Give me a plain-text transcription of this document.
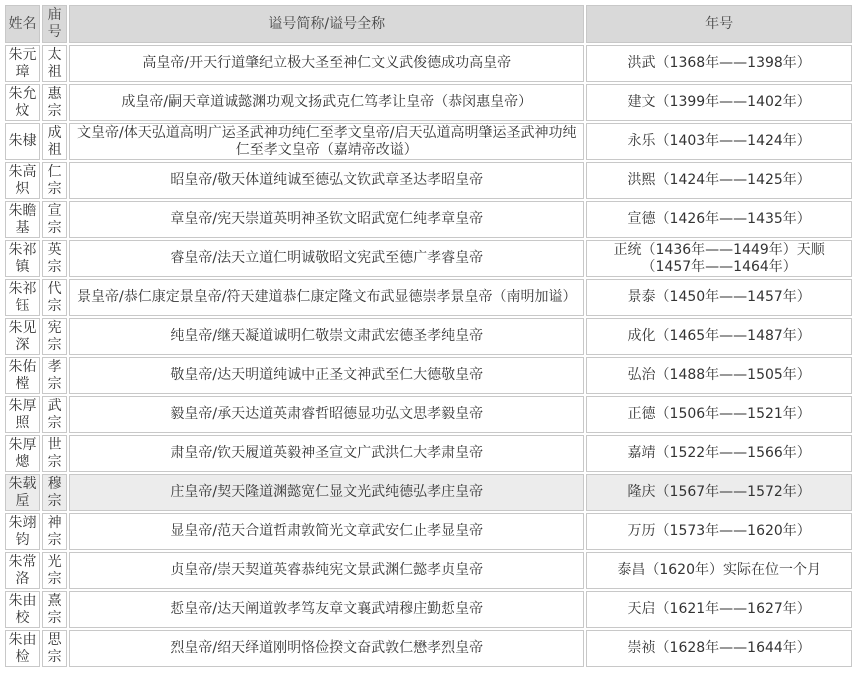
姓名	庙号	谥号简称/谥号全称	年号
朱元璋	太祖	高皇帝/开天行道肇纪立极大圣至神仁文义武俊德成功高皇帝	洪武（1368年——1398年）
朱允炆	惠宗	成皇帝/嗣天章道诚懿渊功观文扬武克仁笃孝让皇帝（恭闵惠皇帝）	建文（1399年——1402年）
朱棣	成祖	文皇帝/体天弘道高明广运圣武神功纯仁至孝文皇帝/启天弘道高明肇运圣武神功纯仁至孝文皇帝（嘉靖帝改谥）	永乐（1403年——1424年）
朱高炽	仁宗	昭皇帝/敬天体道纯诚至德弘文钦武章圣达孝昭皇帝	洪熙（1424年——1425年）
朱瞻基	宣宗	章皇帝/宪天崇道英明神圣钦文昭武宽仁纯孝章皇帝	宣德（1426年——1435年）
朱祁镇	英宗	睿皇帝/法天立道仁明诚敬昭文宪武至德广孝睿皇帝	正统（1436年——1449年）天顺（1457年——1464年）
朱祁钰	代宗	景皇帝/恭仁康定景皇帝/符天建道恭仁康定隆文布武显德崇孝景皇帝（南明加谥）	景泰（1450年——1457年）
朱见深	宪宗	纯皇帝/继天凝道诚明仁敬崇文肃武宏德圣孝纯皇帝	成化（1465年——1487年）
朱佑樘	孝宗	敬皇帝/达天明道纯诚中正圣文神武至仁大德敬皇帝	弘治（1488年——1505年）
朱厚照	武宗	毅皇帝/承天达道英肃睿哲昭德显功弘文思孝毅皇帝	正德（1506年——1521年）
朱厚熜	世宗	肃皇帝/钦天履道英毅神圣宣文广武洪仁大孝肃皇帝	嘉靖（1522年——1566年）
朱载垕	穆宗	庄皇帝/契天隆道渊懿宽仁显文光武纯德弘孝庄皇帝	隆庆（1567年——1572年）
朱翊钧	神宗	显皇帝/范天合道哲肃敦简光文章武安仁止孝显皇帝	万历（1573年——1620年）
朱常洛	光宗	贞皇帝/崇天契道英睿恭纯宪文景武渊仁懿孝贞皇帝	泰昌（1620年）实际在位一个月
朱由校	熹宗	悊皇帝/达天阐道敦孝笃友章文襄武靖穆庄勤悊皇帝	天启（1621年——1627年）
朱由检	思宗	烈皇帝/绍天绎道刚明恪俭揆文奋武敦仁懋孝烈皇帝	崇祯（1628年——1644年）
